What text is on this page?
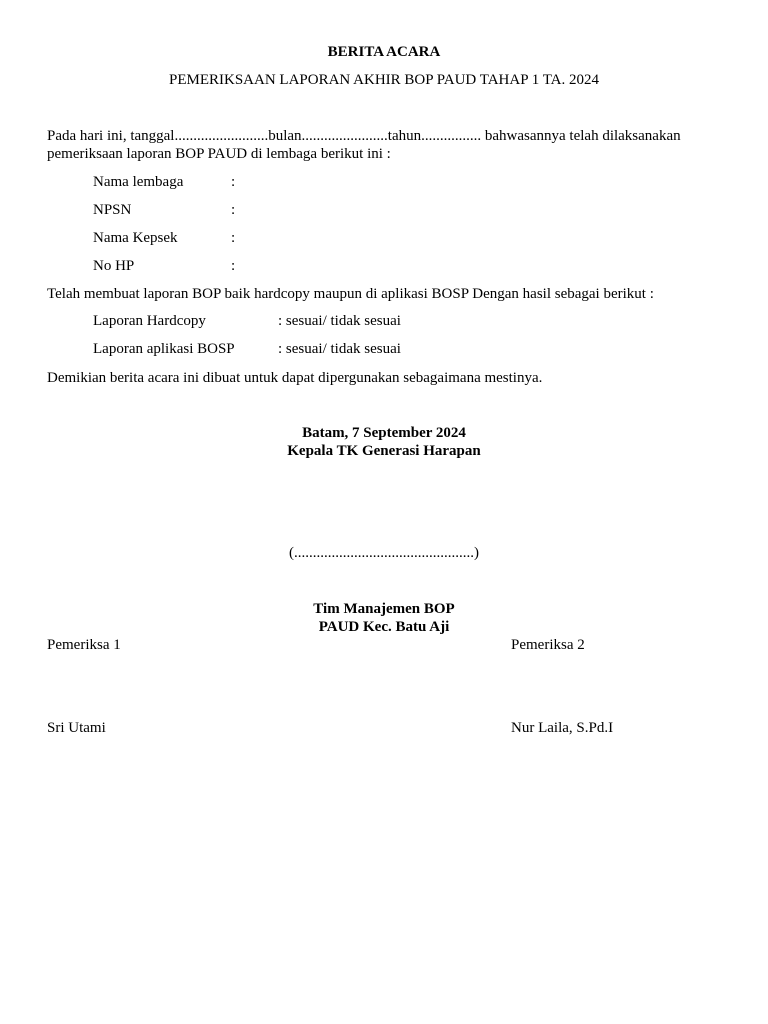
BERITA ACARA
PEMERIKSAAN LAPORAN AKHIR BOP PAUD TAHAP 1 TA. 2024
Pada hari ini, tanggal.........................bulan.......................tahun................ bahwasannya telah dilaksanakan pemeriksaan laporan BOP PAUD di lembaga berikut ini :
Nama lembaga	:
NPSN	:
Nama Kepsek	:
No HP	:
Telah membuat laporan BOP baik hardcopy maupun di aplikasi BOSP Dengan hasil sebagai berikut :
Laporan Hardcopy	: sesuai/ tidak sesuai
Laporan aplikasi BOSP	: sesuai/ tidak sesuai
Demikian berita acara ini dibuat untuk dapat dipergunakan sebagaimana mestinya.
Batam, 7 September 2024
Kepala TK Generasi Harapan
(................................................)
Tim Manajemen BOP
PAUD Kec. Batu Aji
Pemeriksa 1	Pemeriksa 2
Sri Utami	Nur Laila, S.Pd.I
